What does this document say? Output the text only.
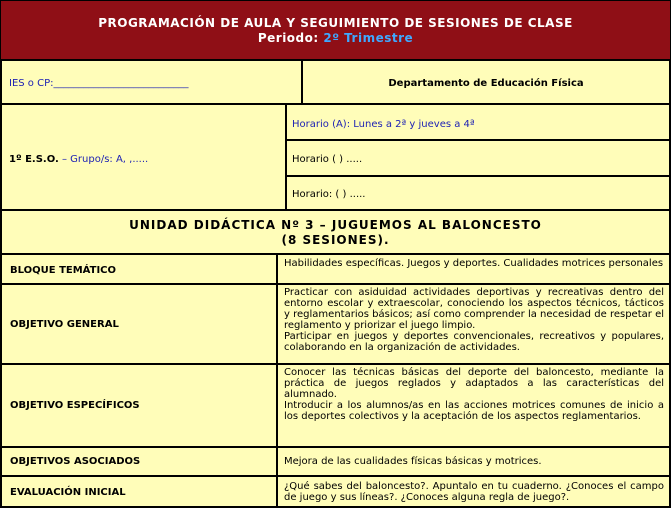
PROGRAMACIÓN DE AULA Y SEGUIMIENTO DE SESIONES DE CLASE
Periodo: 2º Trimestre
IES o CP:___________________________	Departamento de Educación Física
1º E.S.O. – Grupo/s: A, ,.....
Horario (A): Lunes a 2ª y jueves a 4ª
Horario ( ) .....
Horario: ( ) .....
UNIDAD DIDÁCTICA Nº 3 – JUGUEMOS AL BALONCESTO
(8 SESIONES).
BLOQUE TEMÁTICO
Habilidades específicas. Juegos y deportes. Cualidades motrices personales
OBJETIVO GENERAL
Practicar con asiduidad actividades deportivas y recreativas dentro del entorno escolar y extraescolar, conociendo los aspectos técnicos, tácticos y reglamentarios básicos; así como comprender la necesidad de respetar el reglamento y priorizar el juego limpio.
Participar en juegos y deportes convencionales, recreativos y populares, colaborando en la organización de actividades.
OBJETIVO ESPECÍFICOS
Conocer las técnicas básicas del deporte del baloncesto, mediante la práctica de juegos reglados y adaptados a las características del alumnado.
Introducir a los alumnos/as en las acciones motrices comunes de inicio a los deportes colectivos y la aceptación de los aspectos reglamentarios.
OBJETIVOS ASOCIADOS	Mejora de las cualidades físicas básicas y motrices.
EVALUACIÓN INICIAL
¿Qué sabes del baloncesto?. Apuntalo en tu cuaderno. ¿Conoces el campo de juego y sus líneas?. ¿Conoces alguna regla de juego?.
